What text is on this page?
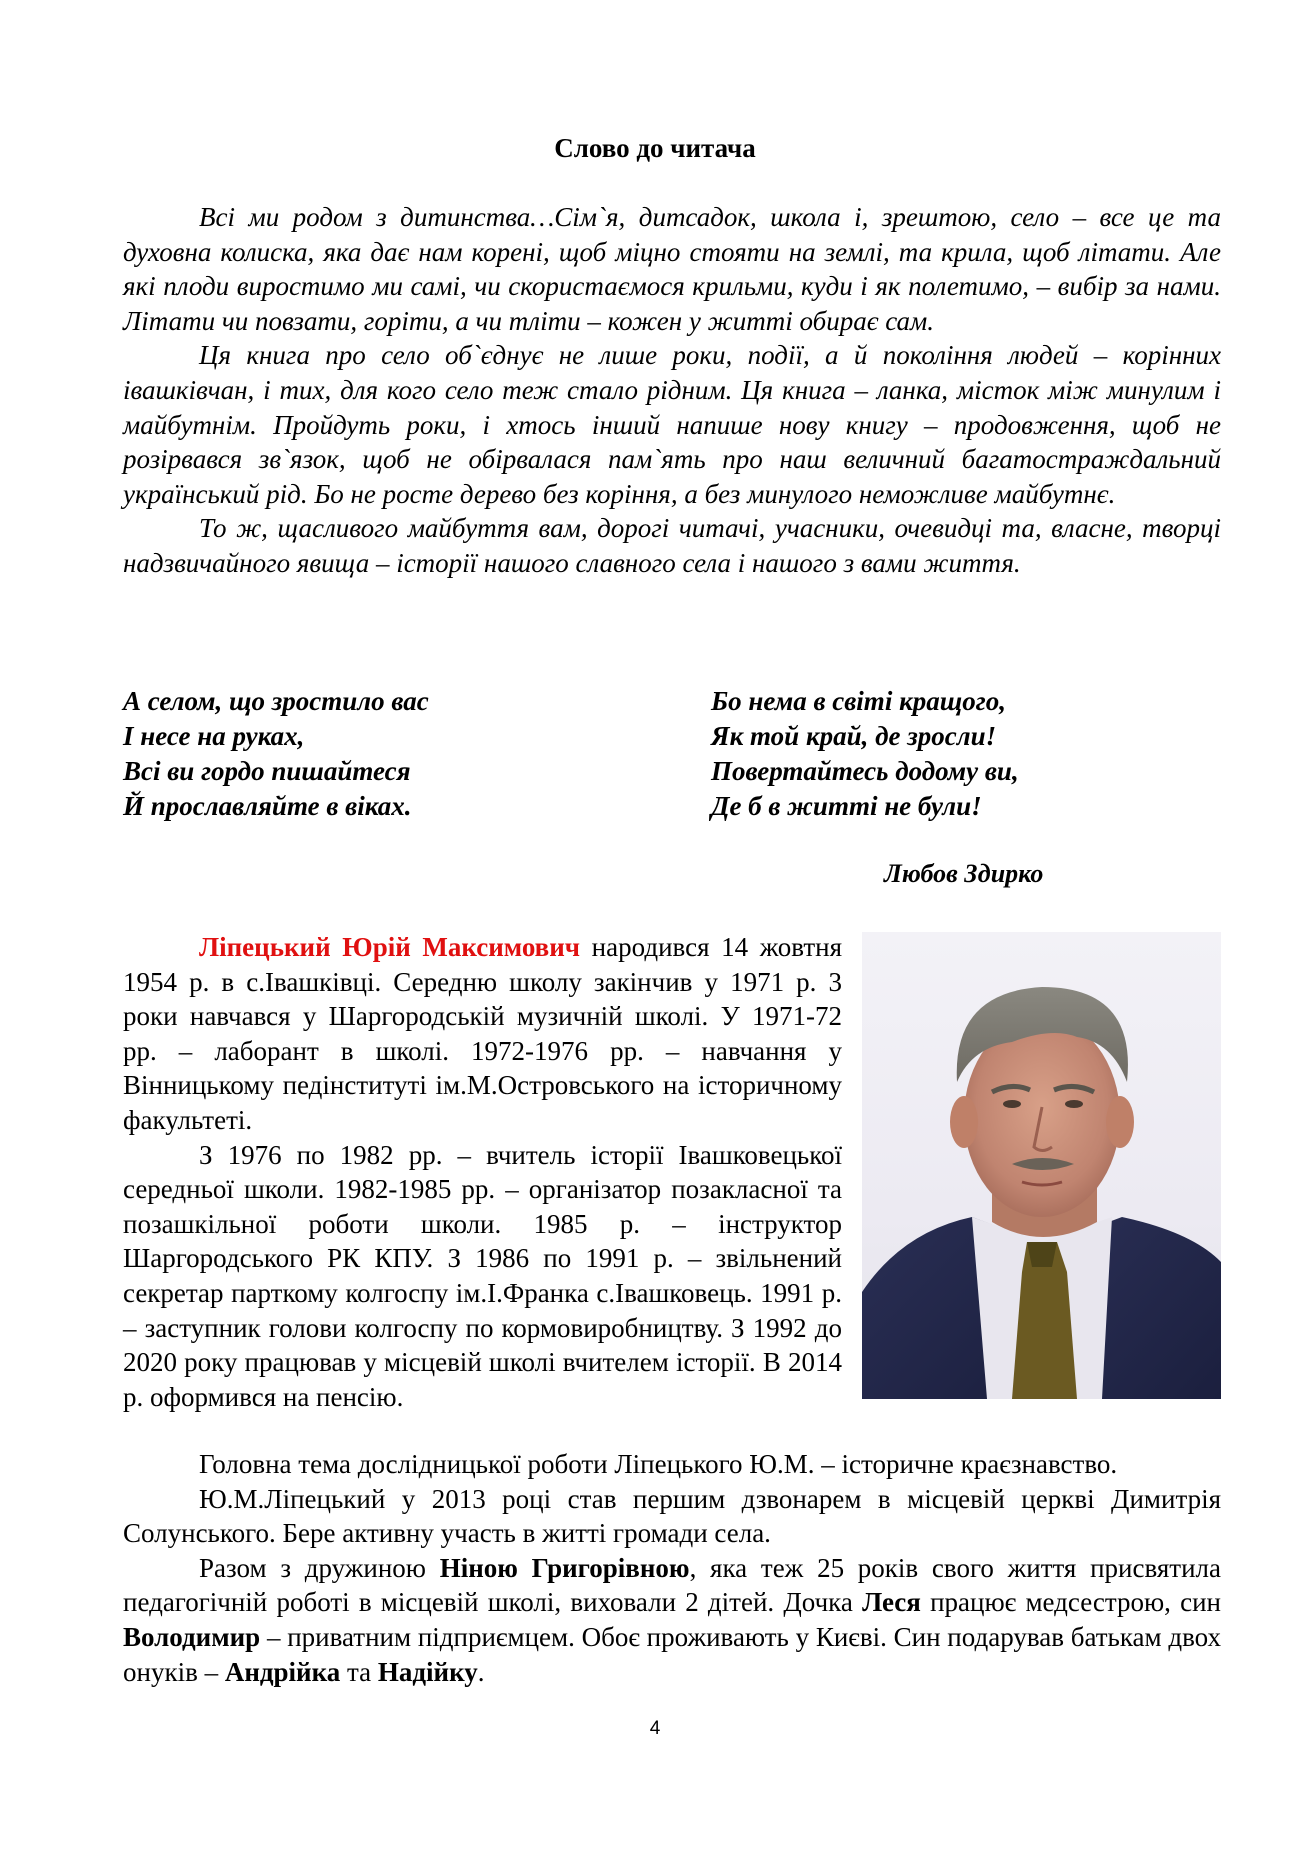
Слово до читача

Всі ми родом з дитинства…Сім`я, дитсадок, школа і, зрештою, село – все це та духовна колиска, яка дає нам корені, щоб міцно стояти на землі, та крила, щоб літати. Але які плоди виростимо ми самі, чи скористаємося крильми, куди і як полетимо, – вибір за нами. Літати чи повзати, горіти, а чи тліти – кожен у житті обирає сам.

Ця книга про село об`єднує не лише роки, події, а й покоління людей – корінних івашківчан, і тих, для кого село теж стало рідним. Ця книга – ланка, місток між минулим і майбутнім. Пройдуть роки, і хтось інший напише нову книгу – продовження, щоб не розірвався зв`язок, щоб не обірвалася пам`ять про наш величний багатостраждальний український рід. Бо не росте дерево без коріння, а без минулого неможливе майбутнє.

То ж, щасливого майбуття вам, дорогі читачі, учасники, очевидці та, власне, творці надзвичайного явища – історії нашого славного села і нашого з вами життя.

А селом, що зростило вас
І несе на руках,
Всі ви гордо пишайтеся
Й прославляйте в віках.
Бо нема в світі кращого,
Як той край, де зросли!
Повертайтесь додому ви,
Де б в житті не були!
Любов Здирко

Ліпецький Юрій Максимович народився 14 жовтня 1954 р. в с.Івашківці. Середню школу закінчив у 1971 р. 3 роки навчався у Шаргородській музичній школі. У 1971-72 рр. – лаборант в школі. 1972-1976 рр. – навчання у Вінницькому педінституті ім.М.Островського на історичному факультеті.

З 1976 по 1982 рр. – вчитель історії Івашковецької середньої школи. 1982-1985 рр. – організатор позакласної та позашкільної роботи школи. 1985 р. – інструктор Шаргородського РК КПУ. З 1986 по 1991 р. – звільнений секретар парткому колгоспу ім.І.Франка с.Івашковець. 1991 р. – заступник голови колгоспу по кормовиробництву. З 1992 до 2020 року працював у місцевій школі вчителем історії. В 2014 р. оформився на пенсію.

Головна тема дослідницької роботи Ліпецького Ю.М. – історичне краєзнавство.

Ю.М.Ліпецький у 2013 році став першим дзвонарем в місцевій церкві Димитрія Солунського. Бере активну участь в житті громади села.

Разом з дружиною Ніною Григорівною, яка теж 25 років свого життя присвятила педагогічній роботі в місцевій школі, виховали 2 дітей. Дочка Леся працює медсестрою, син Володимир – приватним підприємцем. Обоє проживають у Києві. Син подарував батькам двох онуків – Андрійка та Надійку.

4
